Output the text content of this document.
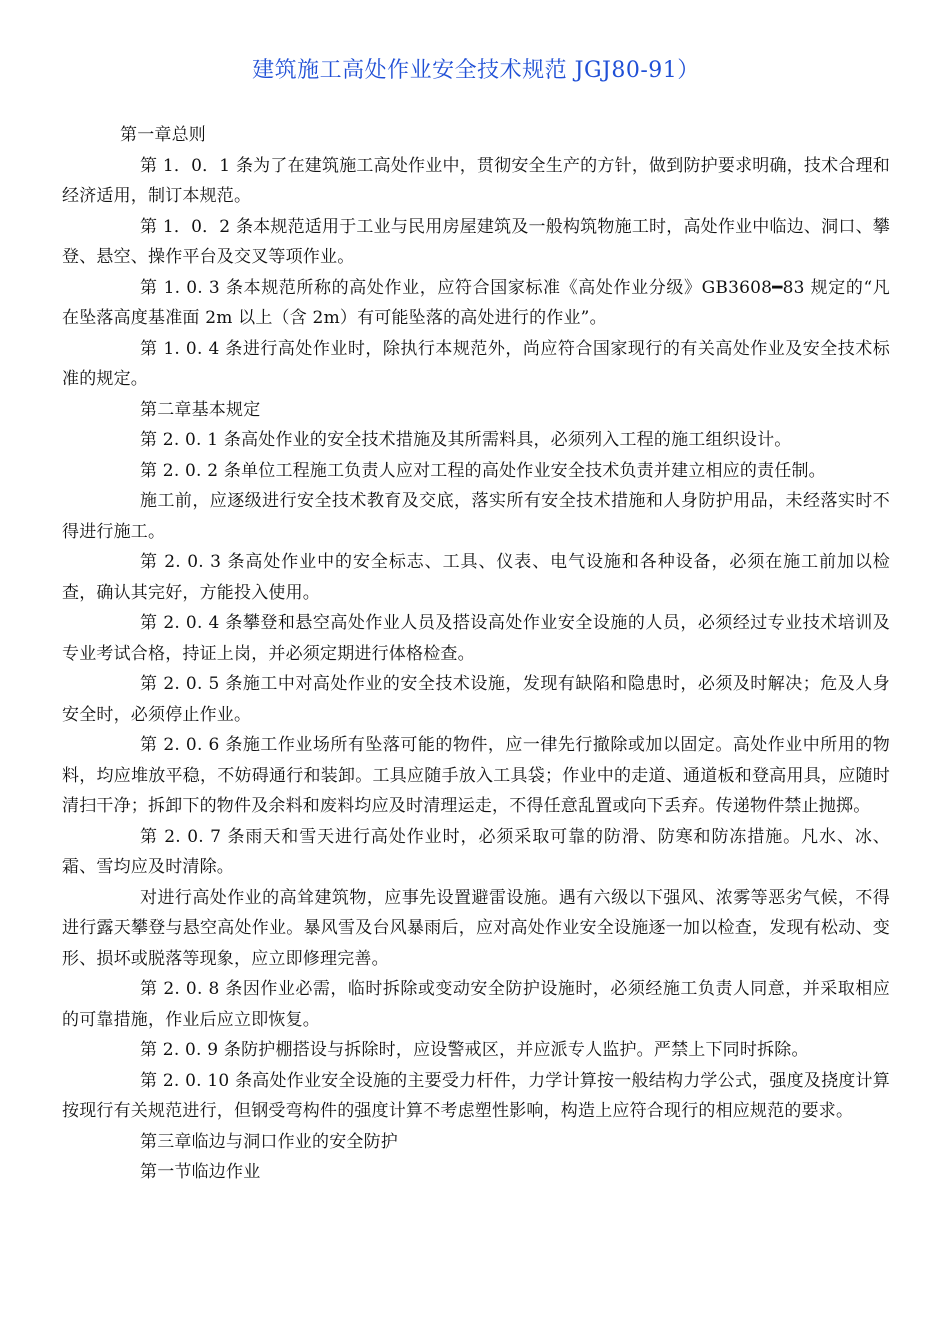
建筑施工高处作业安全技术规范 JGJ80-91）

第一章总则

第 1．0．1 条为了在建筑施工高处作业中，贯彻安全生产的方针，做到防护要求明确，技术合理和经济适用，制订本规范。

第 1．0．2 条本规范适用于工业与民用房屋建筑及一般构筑物施工时，高处作业中临边、洞口、攀登、悬空、操作平台及交叉等项作业。

第 1. 0. 3 条本规范所称的高处作业，应符合国家标准《高处作业分级》GB3608━83 规定的“凡在坠落高度基准面 2m 以上（含 2m）有可能坠落的高处进行的作业”。

第 1. 0. 4 条进行高处作业时，除执行本规范外，尚应符合国家现行的有关高处作业及安全技术标准的规定。

第二章基本规定

第 2. 0. 1 条高处作业的安全技术措施及其所需料具，必须列入工程的施工组织设计。

第 2. 0. 2 条单位工程施工负责人应对工程的高处作业安全技术负责并建立相应的责任制。

施工前，应逐级进行安全技术教育及交底，落实所有安全技术措施和人身防护用品，未经落实时不得进行施工。

第 2. 0. 3 条高处作业中的安全标志、工具、仪表、电气设施和各种设备，必须在施工前加以检查，确认其完好，方能投入使用。

第 2. 0. 4 条攀登和悬空高处作业人员及搭设高处作业安全设施的人员，必须经过专业技术培训及专业考试合格，持证上岗，并必须定期进行体格检查。

第 2. 0. 5 条施工中对高处作业的安全技术设施，发现有缺陷和隐患时，必须及时解决；危及人身安全时，必须停止作业。

第 2. 0. 6 条施工作业场所有坠落可能的物件，应一律先行撤除或加以固定。高处作业中所用的物料，均应堆放平稳，不妨碍通行和装卸。工具应随手放入工具袋；作业中的走道、通道板和登高用具，应随时清扫干净；拆卸下的物件及余料和废料均应及时清理运走，不得任意乱置或向下丢弃。传递物件禁止抛掷。

第 2. 0. 7 条雨天和雪天进行高处作业时，必须采取可靠的防滑、防寒和防冻措施。凡水、冰、霜、雪均应及时清除。

对进行高处作业的高耸建筑物，应事先设置避雷设施。遇有六级以下强风、浓雾等恶劣气候，不得进行露天攀登与悬空高处作业。暴风雪及台风暴雨后，应对高处作业安全设施逐一加以检查，发现有松动、变形、损坏或脱落等现象，应立即修理完善。

第 2. 0. 8 条因作业必需，临时拆除或变动安全防护设施时，必须经施工负责人同意，并采取相应的可靠措施，作业后应立即恢复。

第 2. 0. 9 条防护棚搭设与拆除时，应设警戒区，并应派专人监护。严禁上下同时拆除。

第 2. 0. 10 条高处作业安全设施的主要受力杆件，力学计算按一般结构力学公式，强度及挠度计算按现行有关规范进行，但钢受弯构件的强度计算不考虑塑性影响，构造上应符合现行的相应规范的要求。

第三章临边与洞口作业的安全防护

第一节临边作业
